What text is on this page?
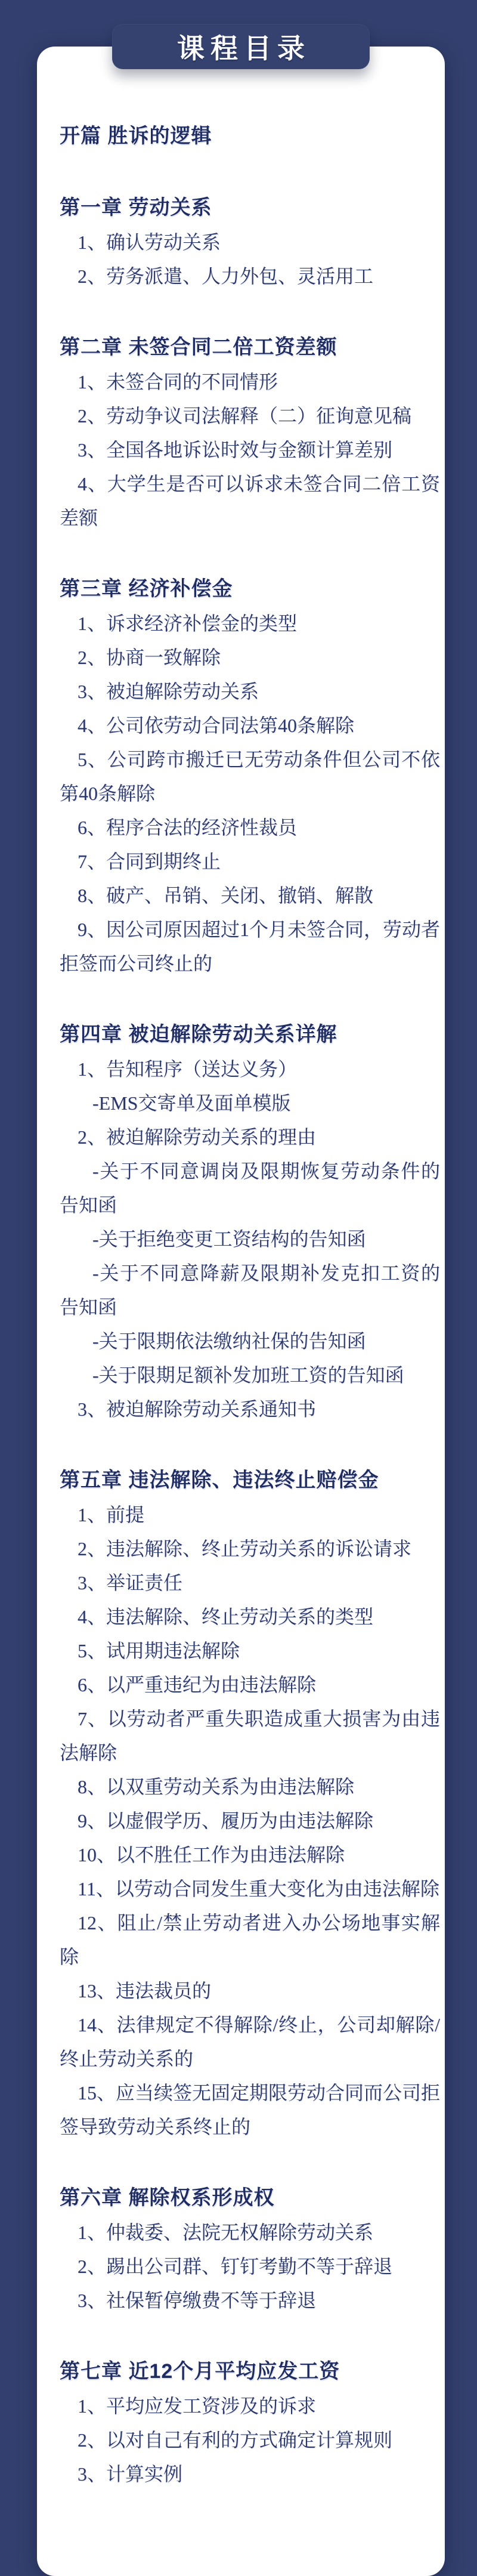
课程目录
开篇 胜诉的逻辑
第一章 劳动关系

1、确认劳动关系

2、劳务派遣、人力外包、灵活用工

第二章 未签合同二倍工资差额

1、未签合同的不同情形

2、劳动争议司法解释（二）征询意见稿

3、全国各地诉讼时效与金额计算差别

4、大学生是否可以诉求未签合同二倍工资差额

第三章 经济补偿金

1、诉求经济补偿金的类型

2、协商一致解除

3、被迫解除劳动关系

4、公司依劳动合同法第40条解除

5、公司跨市搬迁已无劳动条件但公司不依第40条解除

6、程序合法的经济性裁员

7、合同到期终止

8、破产、吊销、关闭、撤销、解散

9、因公司原因超过1个月未签合同，劳动者拒签而公司终止的

第四章 被迫解除劳动关系详解

1、告知程序（送达义务）

-EMS交寄单及面单模版

2、被迫解除劳动关系的理由

-关于不同意调岗及限期恢复劳动条件的告知函

-关于拒绝变更工资结构的告知函

-关于不同意降薪及限期补发克扣工资的告知函

-关于限期依法缴纳社保的告知函

-关于限期足额补发加班工资的告知函

3、被迫解除劳动关系通知书

第五章 违法解除、违法终止赔偿金

1、前提

2、违法解除、终止劳动关系的诉讼请求

3、举证责任

4、违法解除、终止劳动关系的类型

5、试用期违法解除

6、以严重违纪为由违法解除

7、以劳动者严重失职造成重大损害为由违法解除

8、以双重劳动关系为由违法解除

9、以虚假学历、履历为由违法解除

10、以不胜任工作为由违法解除

11、以劳动合同发生重大变化为由违法解除

12、阻止/禁止劳动者进入办公场地事实解除

13、违法裁员的

14、法律规定不得解除/终止，公司却解除/终止劳动关系的

15、应当续签无固定期限劳动合同而公司拒签导致劳动关系终止的

第六章 解除权系形成权

1、仲裁委、法院无权解除劳动关系

2、踢出公司群、钉钉考勤不等于辞退

3、社保暂停缴费不等于辞退

第七章 近12个月平均应发工资

1、平均应发工资涉及的诉求

2、以对自己有利的方式确定计算规则

3、计算实例
